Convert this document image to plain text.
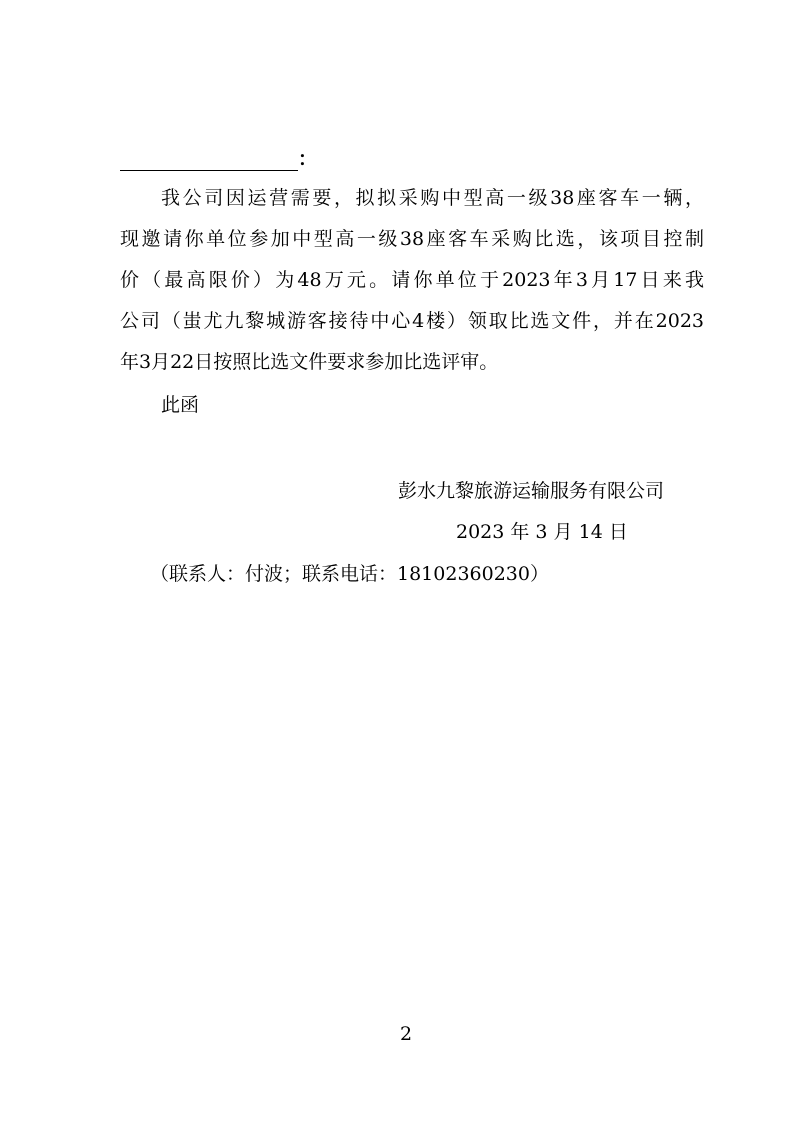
：
我公司因运营需要，拟拟采购中型高一级38座客车一辆，
现邀请你单位参加中型高一级38座客车采购比选，该项目控制
价（最高限价）为48万元。请你单位于2023年3月17日来我
公司（蚩尤九黎城游客接待中心4楼）领取比选文件，并在2023
年3月22日按照比选文件要求参加比选评审。
此函
彭水九黎旅游运输服务有限公司
2023 年 3 月 14 日
（联系人：付波；联系电话：18102360230）
2
